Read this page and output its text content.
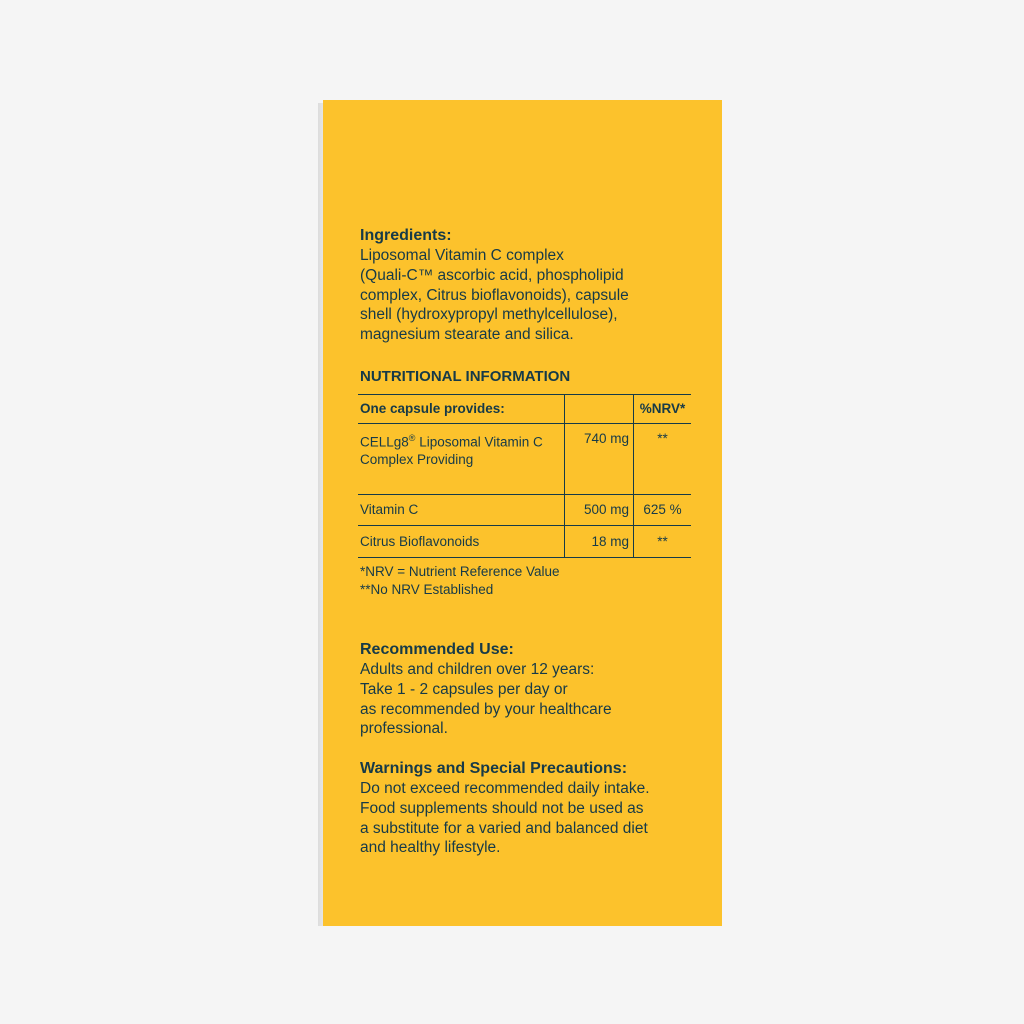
Ingredients:
Liposomal Vitamin C complex
(Quali-C™ ascorbic acid, phospholipid
complex, Citrus bioflavonoids), capsule
shell (hydroxypropyl methylcellulose),
magnesium stearate and silica.
NUTRITIONAL INFORMATION
One capsule provides:		%NRV*
CELLg8® Liposomal Vitamin C Complex Providing	740 mg	**
Vitamin C	500 mg	625 %
Citrus Bioflavonoids	18 mg	**
*NRV = Nutrient Reference Value
**No NRV Established
Recommended Use:
Adults and children over 12 years:
Take 1 - 2 capsules per day or
as recommended by your healthcare
professional.
Warnings and Special Precautions:
Do not exceed recommended daily intake.
Food supplements should not be used as
a substitute for a varied and balanced diet
and healthy lifestyle.
